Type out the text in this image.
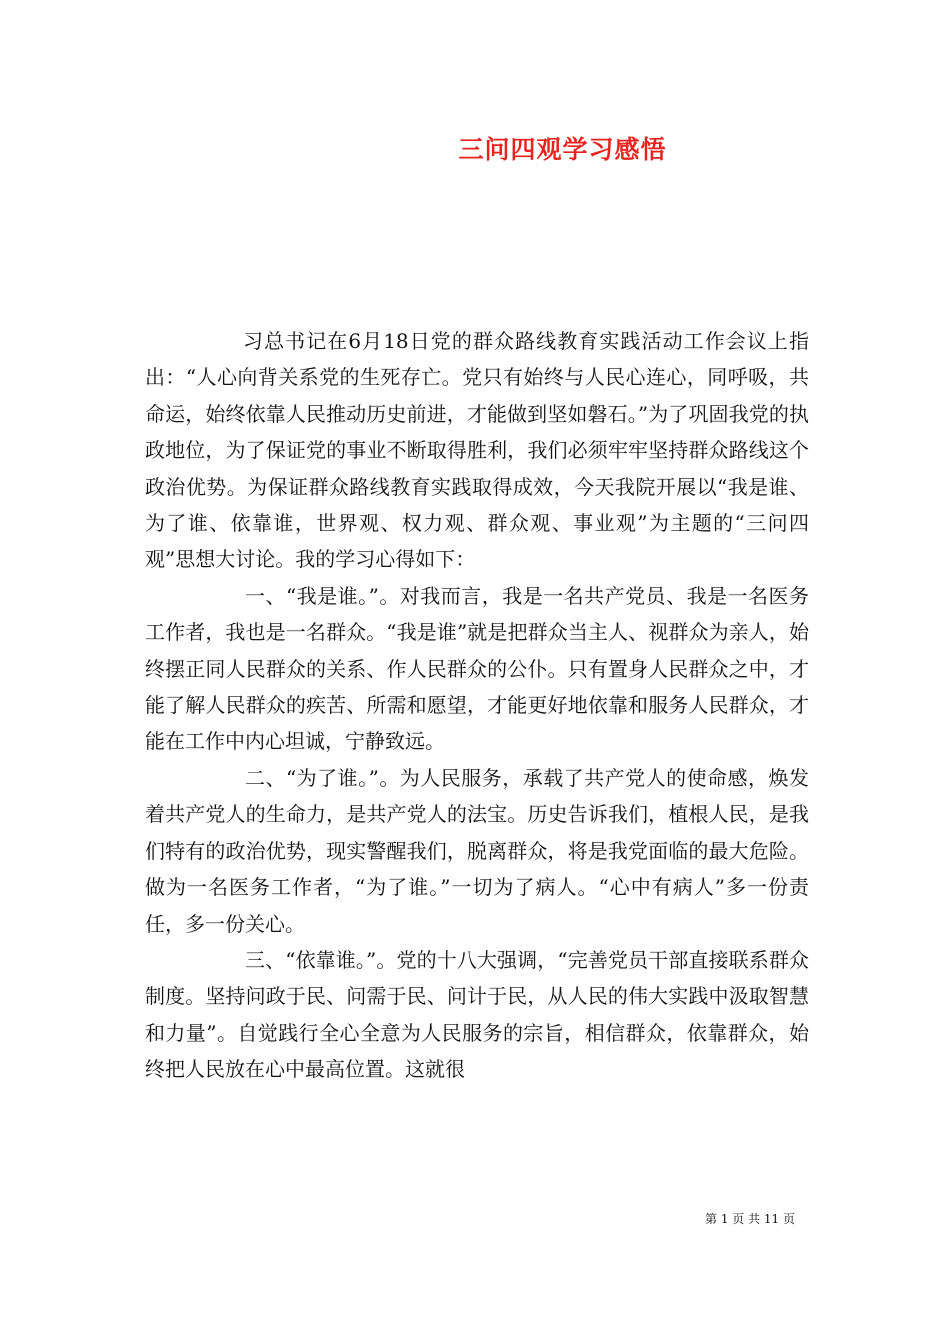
三问四观学习感悟

习总书记在6月18日党的群众路线教育实践活动工作会议上指出：“人心向背关系党的生死存亡。党只有始终与人民心连心，同呼吸，共命运，始终依靠人民推动历史前进，才能做到坚如磐石。”为了巩固我党的执政地位，为了保证党的事业不断取得胜利，我们必须牢牢坚持群众路线这个政治优势。为保证群众路线教育实践取得成效，今天我院开展以“我是谁、为了谁、依靠谁，世界观、权力观、群众观、事业观”为主题的“三问四观”思想大讨论。我的学习心得如下：

一、“我是谁。”。对我而言，我是一名共产党员、我是一名医务工作者，我也是一名群众。“我是谁”就是把群众当主人、视群众为亲人，始终摆正同人民群众的关系、作人民群众的公仆。只有置身人民群众之中，才能了解人民群众的疾苦、所需和愿望，才能更好地依靠和服务人民群众，才能在工作中内心坦诚，宁静致远。

二、“为了谁。”。为人民服务，承载了共产党人的使命感，焕发着共产党人的生命力，是共产党人的法宝。历史告诉我们，植根人民，是我们特有的政治优势，现实警醒我们，脱离群众，将是我党面临的最大危险。做为一名医务工作者，“为了谁。”一切为了病人。“心中有病人”多一份责任，多一份关心。

三、“依靠谁。”。党的十八大强调，“完善党员干部直接联系群众制度。坚持问政于民、问需于民、问计于民，从人民的伟大实践中汲取智慧和力量”。自觉践行全心全意为人民服务的宗旨，相信群众，依靠群众，始终把人民放在心中最高位置。这就很

第 1 页 共 11 页
